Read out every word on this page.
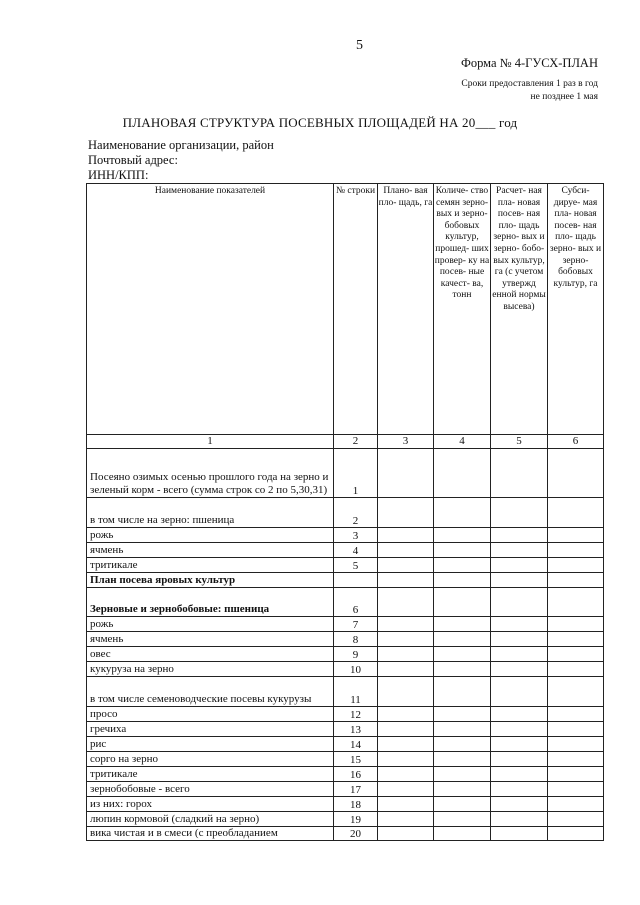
5
Форма № 4-ГУСХ-ПЛАН
Сроки предоставления 1 раз в год
не позднее 1 мая
ПЛАНОВАЯ СТРУКТУРА ПОСЕВНЫХ ПЛОЩАДЕЙ НА 20___ год
Наименование организации, район
Почтовый адрес:
ИНН/КПП:
Наименование показателей	№ строки	Плано- вая пло- щадь, га	Количе- ство семян зерно- вых и зерно- бобовых культур, прошед- ших провер- ку на посев- ные качест- ва, тонн	Расчет- ная пла- новая посев- ная пло- щадь зерно- вых и зерно- бобо- вых культур, га (с учетом утвержд енной нормы высева)	Субси- дируе- мая пла- новая посев- ная пло- щадь зерно- вых и зерно- бобовых культур, га
1	2	3	4	5	6
Посеяно озимых осенью прошлого года на зерно и зеленый корм - всего (сумма строк со 2 по 5,30,31)	1				
в том числе на зерно: пшеница	2				
рожь	3				
ячмень	4				
тритикале	5				
План посева яровых культур					
Зерновые и зернобобовые: пшеница	6				
рожь	7				
ячмень	8				
овес	9				
кукуруза на зерно	10				
в том числе семеноводческие посевы кукурузы	11				
просо	12				
гречиха	13				
рис	14				
сорго на зерно	15				
тритикале	16				
зернобобовые - всего	17				
из них: горох	18				
люпин кормовой (сладкий на зерно)	19				
вика чистая и в смеси (с преобладанием	20				
